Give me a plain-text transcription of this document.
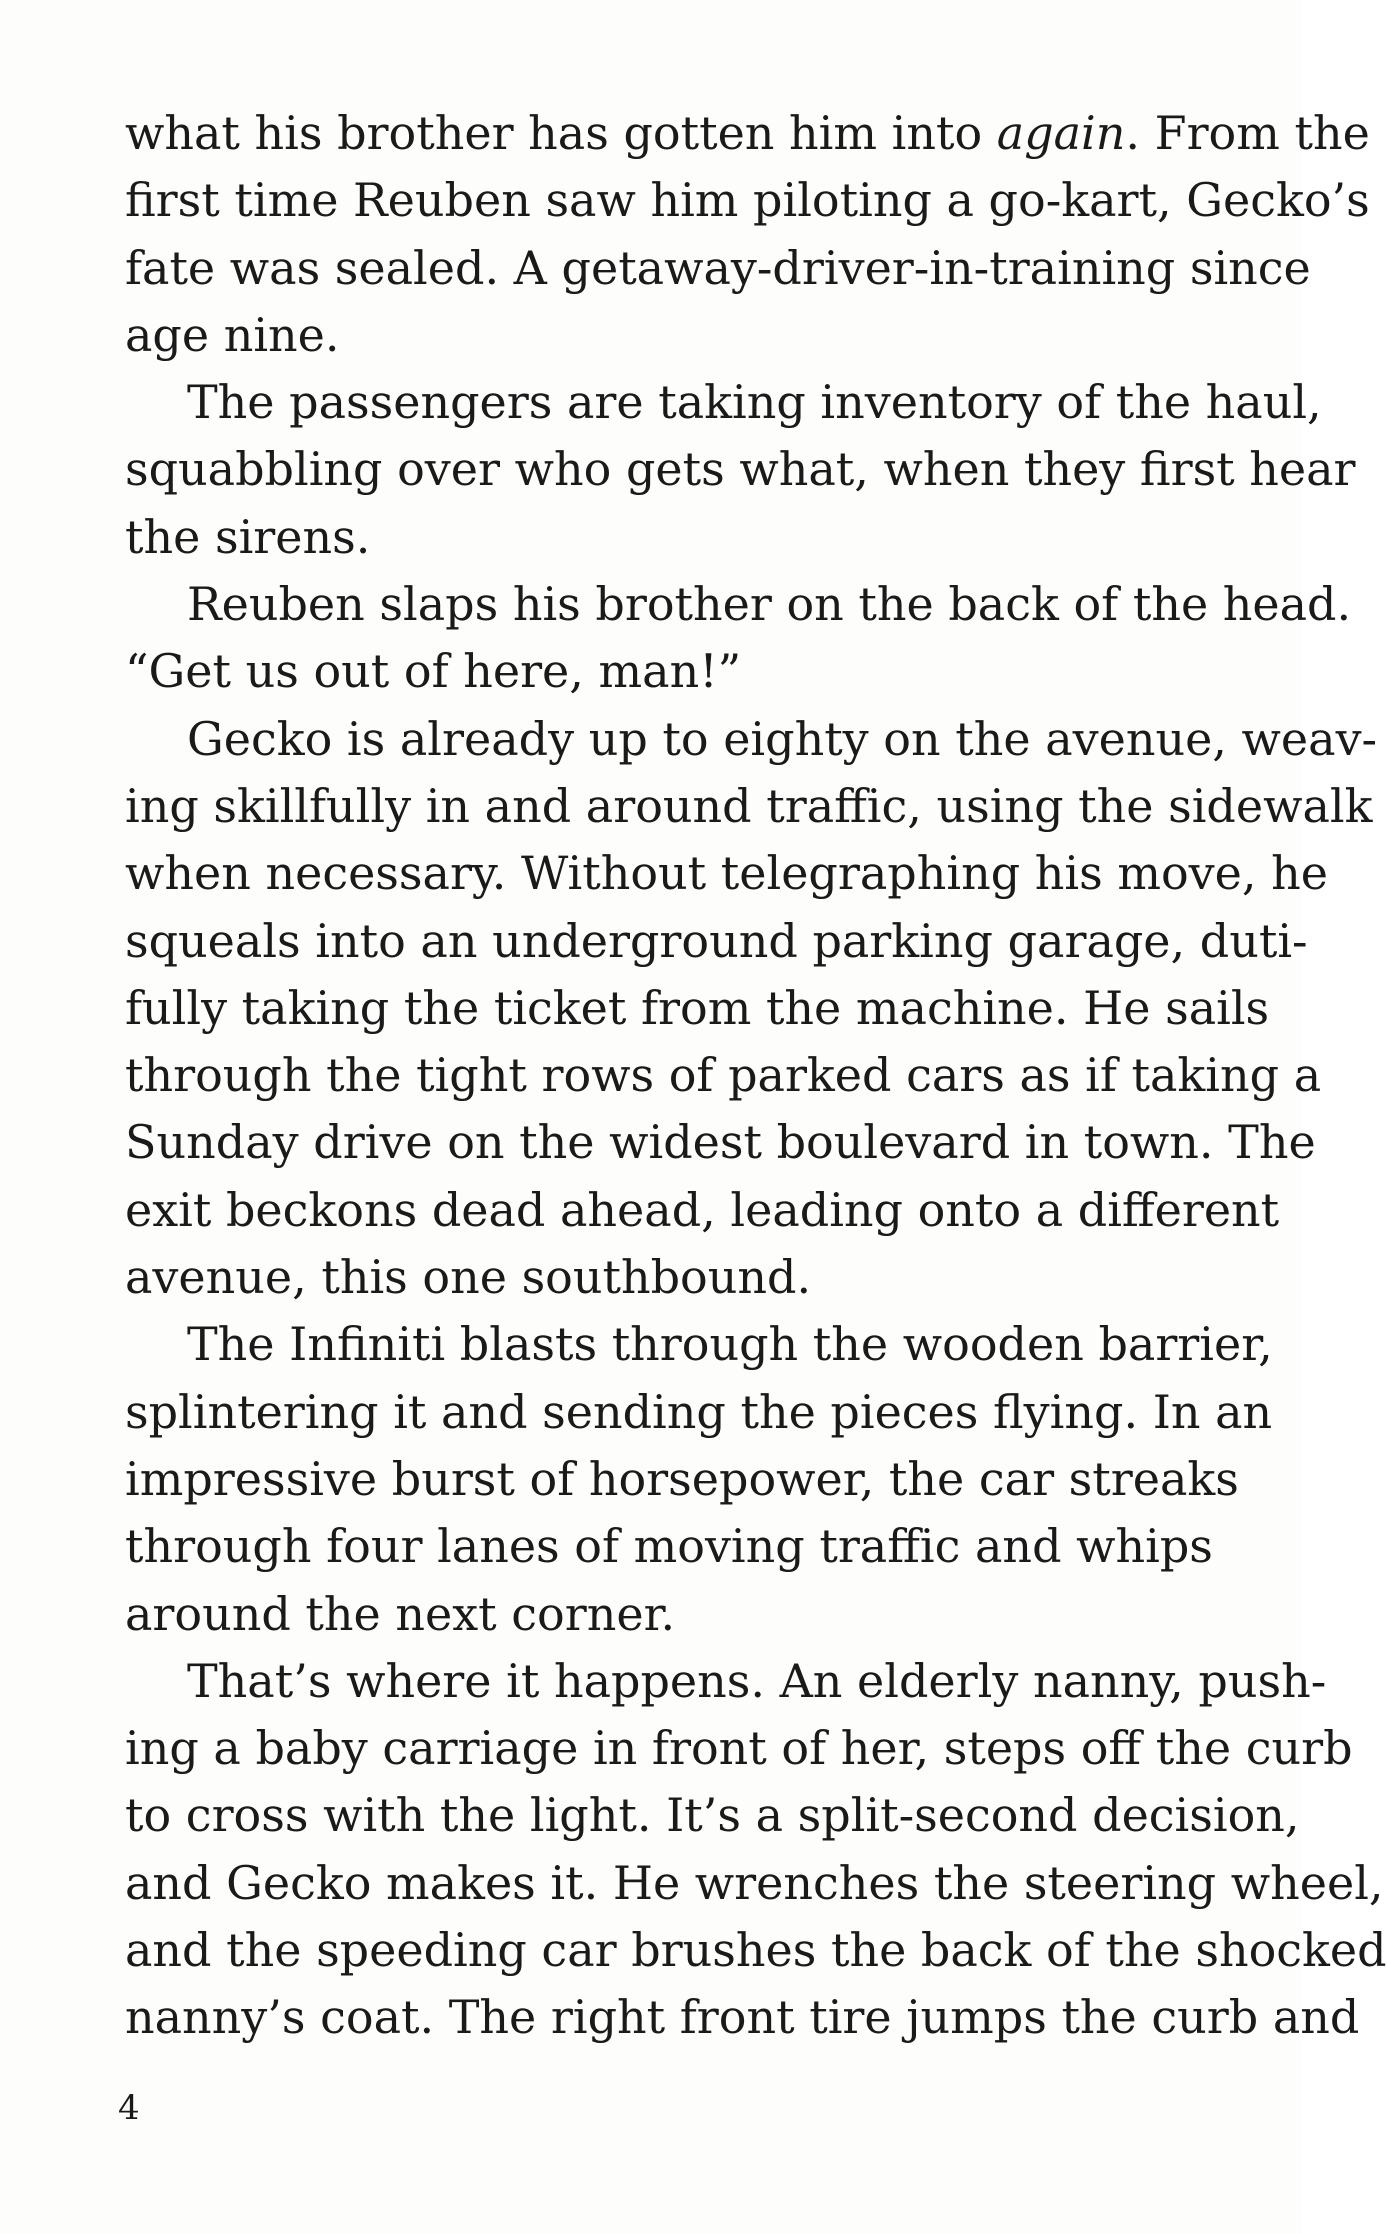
what his brother has gotten him into again. From the
first time Reuben saw him piloting a go-kart, Gecko’s
fate was sealed. A getaway-driver-in-training since
age nine.
The passengers are taking inventory of the haul,
squabbling over who gets what, when they first hear
the sirens.
Reuben slaps his brother on the back of the head.
“Get us out of here, man!”
Gecko is already up to eighty on the avenue, weav-
ing skillfully in and around traffic, using the sidewalk
when necessary. Without telegraphing his move, he
squeals into an underground parking garage, duti-
fully taking the ticket from the machine. He sails
through the tight rows of parked cars as if taking a
Sunday drive on the widest boulevard in town. The
exit beckons dead ahead, leading onto a different
avenue, this one southbound.
The Infiniti blasts through the wooden barrier,
splintering it and sending the pieces flying. In an
impressive burst of horsepower, the car streaks
through four lanes of moving traffic and whips
around the next corner.
That’s where it happens. An elderly nanny, push-
ing a baby carriage in front of her, steps off the curb
to cross with the light. It’s a split-second decision,
and Gecko makes it. He wrenches the steering wheel,
and the speeding car brushes the back of the shocked
nanny’s coat. The right front tire jumps the curb and
4
